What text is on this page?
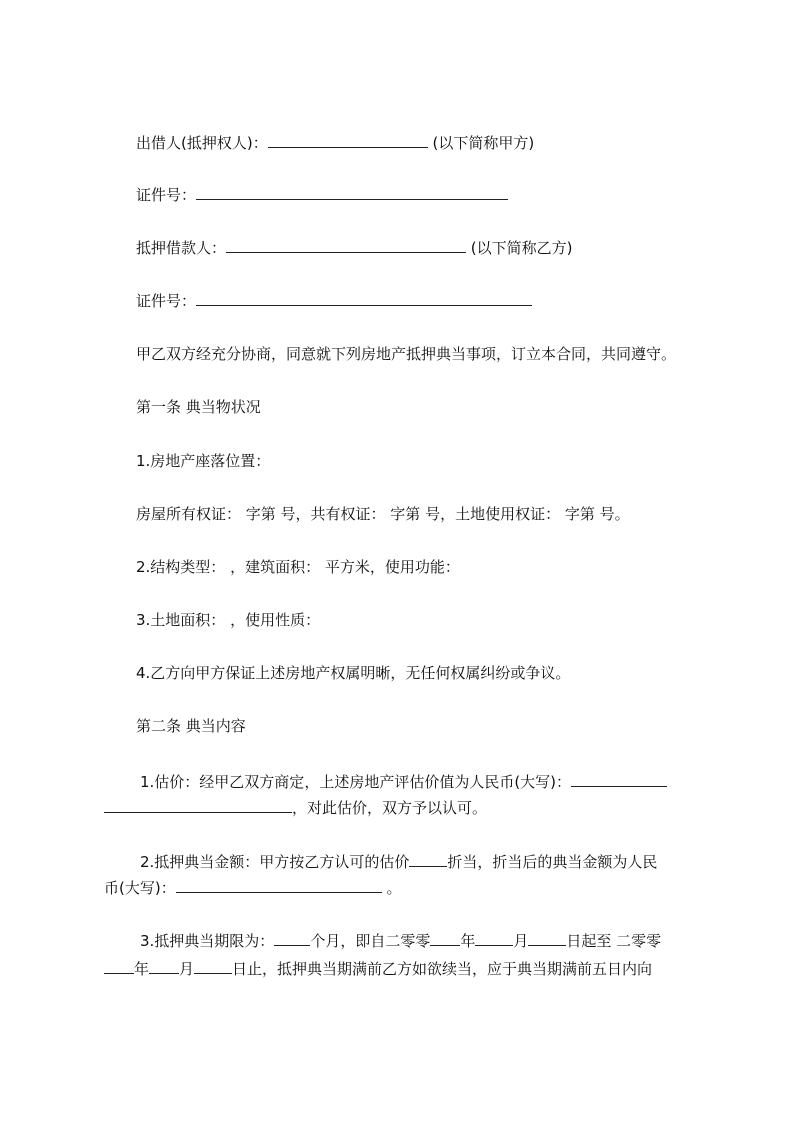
出借人(抵押权人)：	(以下简称甲方)

证件号：

抵押借款人：	(以下简称乙方)

证件号：

甲乙双方经充分协商，同意就下列房地产抵押典当事项，订立本合同，共同遵守。

第一条 典当物状况

1.房地产座落位置：

房屋所有权证： 字第 号，共有权证： 字第 号，土地使用权证： 字第 号。

2.结构类型： ，建筑面积： 平方米，使用功能：

3.土地面积： ，使用性质：

4.乙方向甲方保证上述房地产权属明晰，无任何权属纠纷或争议。

第二条 典当内容

1.估价：经甲乙双方商定，上述房地产评估价值为人民币(大写)：

，对此估价，双方予以认可。

2.抵押典当金额：甲方按乙方认可的估价	折当，折当后的典当金额为人民

币(大写)：	。

3.抵押典当期限为： 个月，即自二零零 年	月	日起至 二零零

年 月	日止，抵押典当期满前乙方如欲续当，应于典当期满前五日内向
